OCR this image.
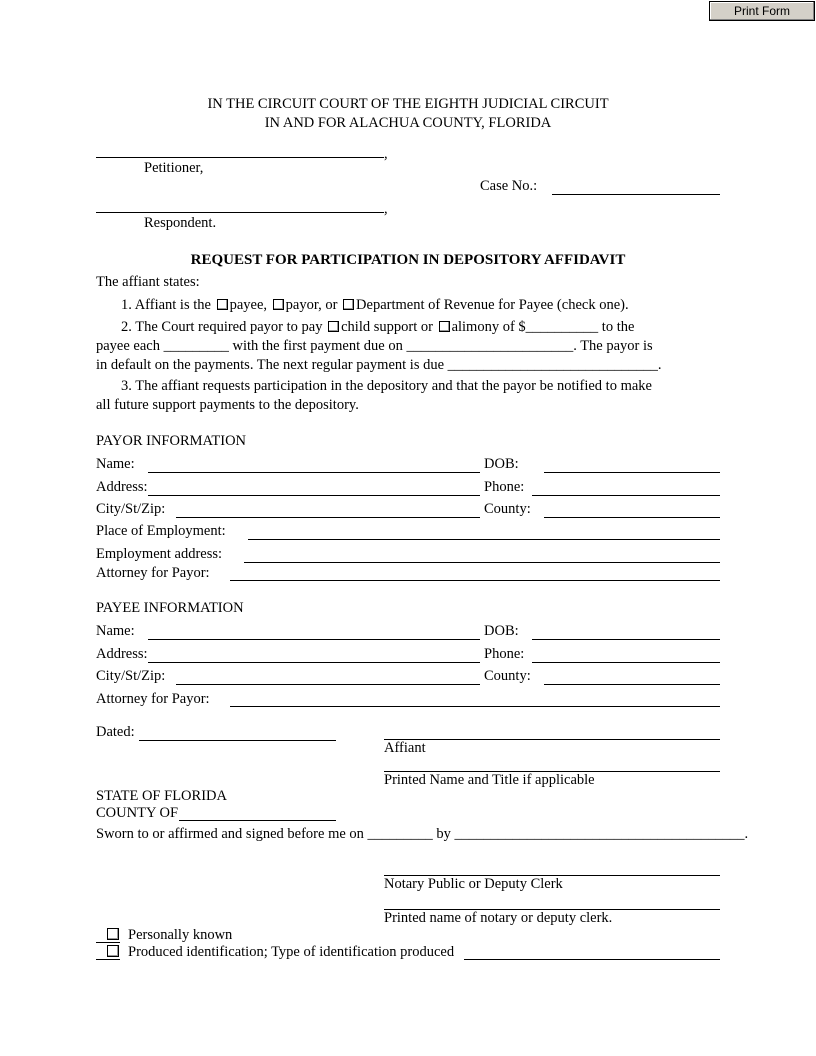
Print Form
IN THE CIRCUIT COURT OF THE EIGHTH JUDICIAL CIRCUIT
IN AND FOR ALACHUA COUNTY, FLORIDA
,
Petitioner,
Case No.:
,
Respondent.
REQUEST FOR PARTICIPATION IN DEPOSITORY AFFIDAVIT
The affiant states:
1. Affiant is the payee, payor, or Department of Revenue for Payee (check one).
2. The Court required payor to pay child support or alimony of $__________ to the
payee each _________ with the first payment due on _______________________. The payor is
in default on the payments. The next regular payment is due _____________________________.
3. The affiant requests participation in the depository and that the payor be notified to make
all future support payments to the depository.
PAYOR INFORMATION
Name:	DOB:
Address:	Phone:
City/St/Zip:	County:
Place of Employment:
Employment address:
Attorney for Payor:
PAYEE INFORMATION
Name:	DOB:
Address:	Phone:
City/St/Zip:	County:
Attorney for Payor:
Dated:
Affiant
Printed Name and Title if applicable
STATE OF FLORIDA
COUNTY OF
Sworn to or affirmed and signed before me on _________ by ________________________________________.
Notary Public or Deputy Clerk
Printed name of notary or deputy clerk.
Personally known
Produced identification; Type of identification produced
